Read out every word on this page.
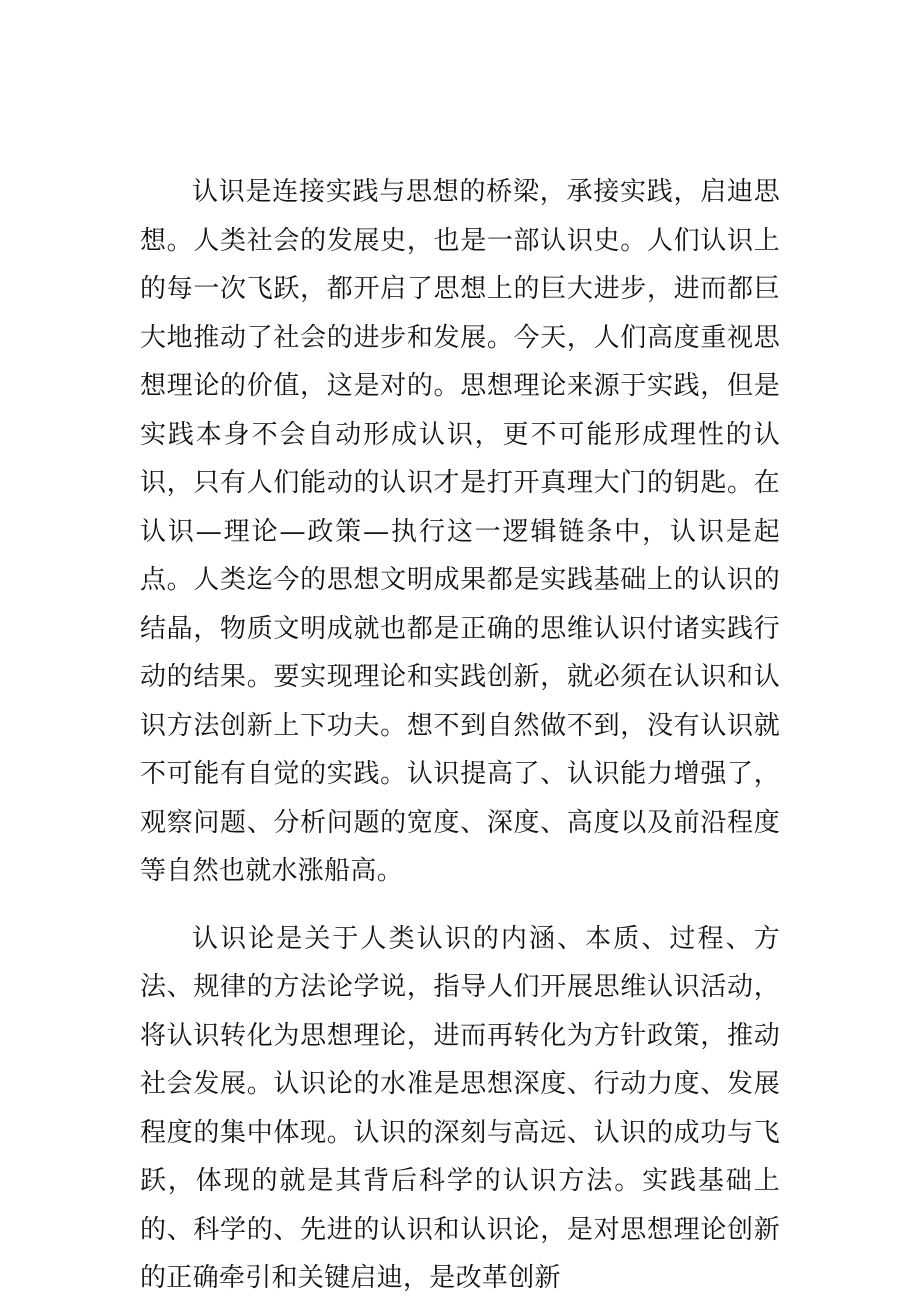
认识是连接实践与思想的桥梁，承接实践，启迪思想。人类社会的发展史，也是一部认识史。人们认识上的每一次飞跃，都开启了思想上的巨大进步，进而都巨大地推动了社会的进步和发展。今天，人们高度重视思想理论的价值，这是对的。思想理论来源于实践，但是实践本身不会自动形成认识，更不可能形成理性的认识，只有人们能动的认识才是打开真理大门的钥匙。在认识—理论—政策—执行这一逻辑链条中，认识是起点。人类迄今的思想文明成果都是实践基础上的认识的结晶，物质文明成就也都是正确的思维认识付诸实践行动的结果。要实现理论和实践创新，就必须在认识和认识方法创新上下功夫。想不到自然做不到，没有认识就不可能有自觉的实践。认识提高了、认识能力增强了，观察问题、分析问题的宽度、深度、高度以及前沿程度等自然也就水涨船高。

认识论是关于人类认识的内涵、本质、过程、方法、规律的方法论学说，指导人们开展思维认识活动，将认识转化为思想理论，进而再转化为方针政策，推动社会发展。认识论的水准是思想深度、行动力度、发展程度的集中体现。认识的深刻与高远、认识的成功与飞跃，体现的就是其背后科学的认识方法。实践基础上的、科学的、先进的认识和认识论，是对思想理论创新的正确牵引和关键启迪，是改革创新
